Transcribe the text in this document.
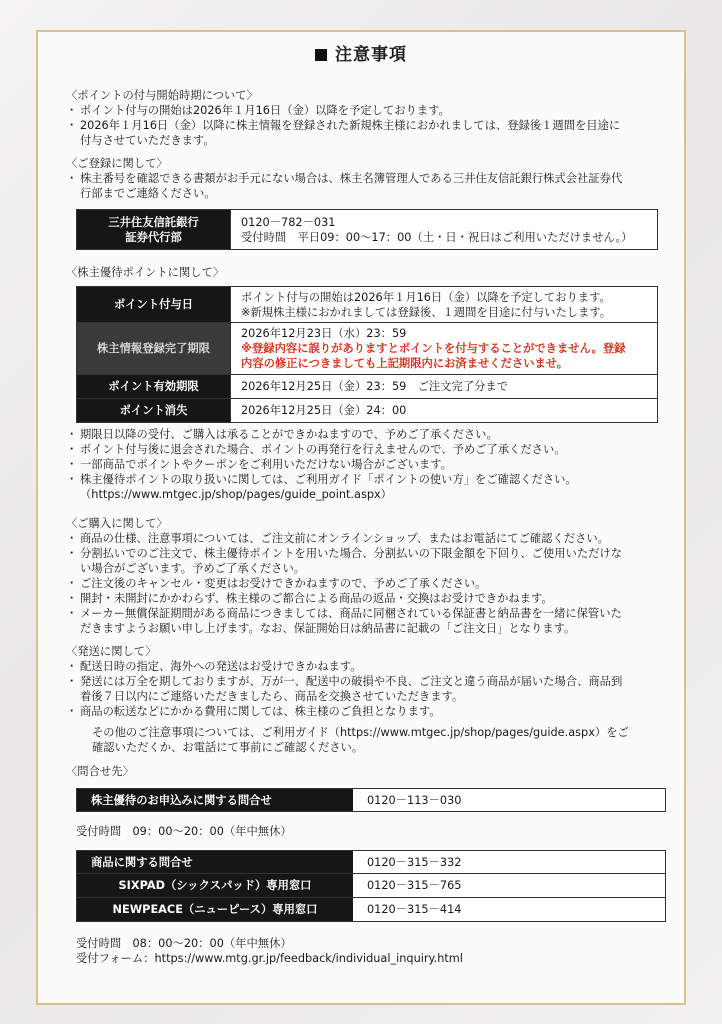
注意事項
〈ポイントの付与開始時期について〉
・ ポイント付与の開始は2026年１月16日（金）以降を予定しております。
・ 2026年１月16日（金）以降に株主情報を登録された新規株主様におかれましては、登録後１週間を目途に
付与させていただきます。
〈ご登録に関して〉
・ 株主番号を確認できる書類がお手元にない場合は、株主名簿管理人である三井住友信託銀行株式会社証券代
行部までご連絡ください。
三井住友信託銀行
証券代行部

0120－782－031
受付時間　平日09：00～17：00（土・日・祝日はご利用いただけません。）
〈株主優待ポイントに関して〉
ポイント付与日	ポイント付与の開始は2026年１月16日（金）以降を予定しております。
※新規株主様におかれましては登録後、１週間を目途に付与いたします。

株主情報登録完了期限	2026年12月23日（水）23：59
※登録内容に誤りがありますとポイントを付与することができません。登録
内容の修正につきましても上記期限内にお済ませくださいませ。

ポイント有効期限	2026年12月25日（金）23：59　ご注文完了分まで
ポイント消失	2026年12月25日（金）24：00
・ 期限日以降の受付、ご購入は承ることができかねますので、予めご了承ください。
・ ポイント付与後に退会された場合、ポイントの再発行を行えませんので、予めご了承ください。
・ 一部商品でポイントやクーポンをご利用いただけない場合がございます。
・ 株主優待ポイントの取り扱いに関しては、ご利用ガイド「ポイントの使い方」をご確認ください。
（https://www.mtgec.jp/shop/pages/guide_point.aspx）
〈ご購入に関して〉
・ 商品の仕様、注意事項については、ご注文前にオンラインショップ、またはお電話にてご確認ください。
・ 分割払いでのご注文で、株主優待ポイントを用いた場合、分割払いの下限金額を下回り、ご使用いただけな
い場合がございます。予めご了承ください。
・ ご注文後のキャンセル・変更はお受けできかねますので、予めご了承ください。
・ 開封・未開封にかかわらず、株主様のご都合による商品の返品・交換はお受けできかねます。
・ メーカー無償保証期間がある商品につきましては、商品に同梱されている保証書と納品書を一緒に保管いた
だきますようお願い申し上げます。なお、保証開始日は納品書に記載の「ご注文日」となります。
〈発送に関して〉
・ 配送日時の指定、海外への発送はお受けできかねます。
・ 発送には万全を期しておりますが、万が一、配送中の破損や不良、ご注文と違う商品が届いた場合、商品到
着後７日以内にご連絡いただきましたら、商品を交換させていただきます。
・ 商品の転送などにかかる費用に関しては、株主様のご負担となります。
その他のご注意事項については、ご利用ガイド（https://www.mtgec.jp/shop/pages/guide.aspx）をご
確認いただくか、お電話にて事前にご確認ください。
〈問合せ先〉
株主優待のお申込みに関する問合せ	0120－113－030
受付時間　09：00～20：00（年中無休）
商品に関する問合せ	0120－315－332
SIXPAD（シックスパッド）専用窓口	0120－315－765
NEWPEACE（ニューピース）専用窓口	0120－315－414
受付時間　08：00～20：00（年中無休）
受付フォーム：https://www.mtg.gr.jp/feedback/individual_inquiry.html
